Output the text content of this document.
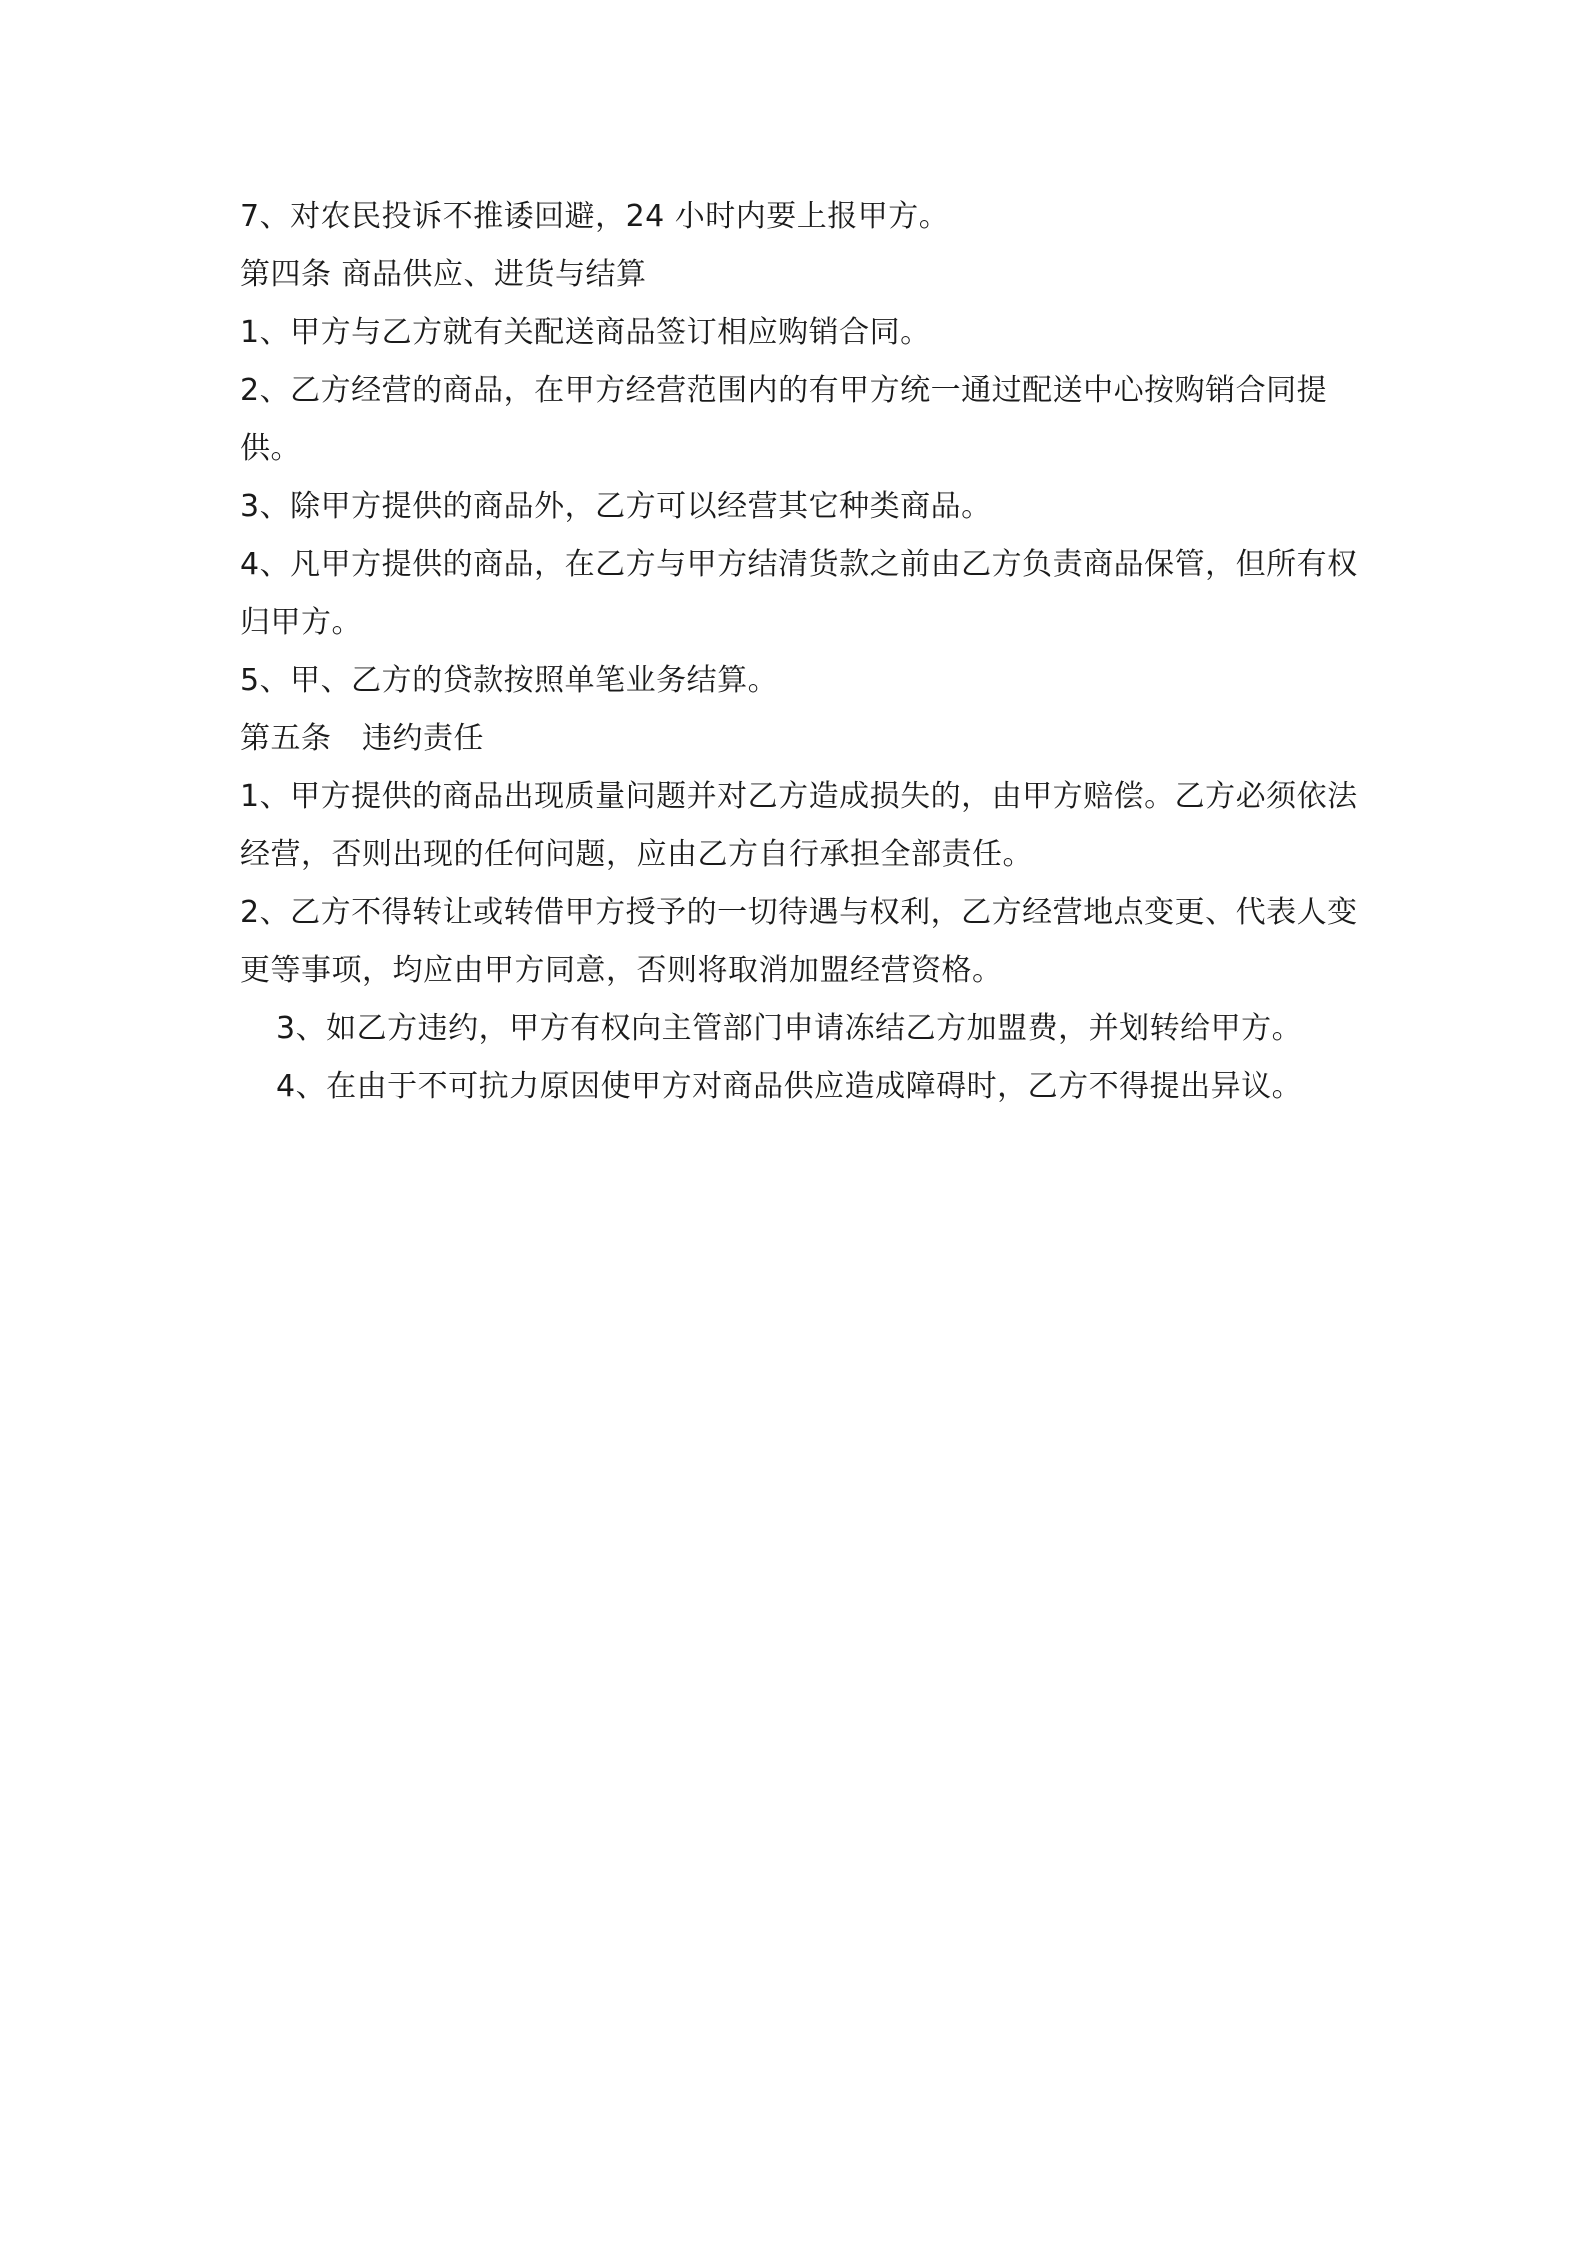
7、对农民投诉不推诿回避，24 小时内要上报甲方。

第四条 商品供应、进货与结算

1、甲方与乙方就有关配送商品签订相应购销合同。

2、乙方经营的商品，在甲方经营范围内的有甲方统一通过配送中心按购销合同提供。

3、除甲方提供的商品外，乙方可以经营其它种类商品。

4、凡甲方提供的商品，在乙方与甲方结清货款之前由乙方负责商品保管，但所有权归甲方。

5、甲、乙方的贷款按照单笔业务结算。

第五条　违约责任

1、甲方提供的商品出现质量问题并对乙方造成损失的，由甲方赔偿。乙方必须依法经营，否则出现的任何问题，应由乙方自行承担全部责任。

2、乙方不得转让或转借甲方授予的一切待遇与权利，乙方经营地点变更、代表人变更等事项，均应由甲方同意，否则将取消加盟经营资格。

3、如乙方违约，甲方有权向主管部门申请冻结乙方加盟费，并划转给甲方。

4、在由于不可抗力原因使甲方对商品供应造成障碍时，乙方不得提出异议。
